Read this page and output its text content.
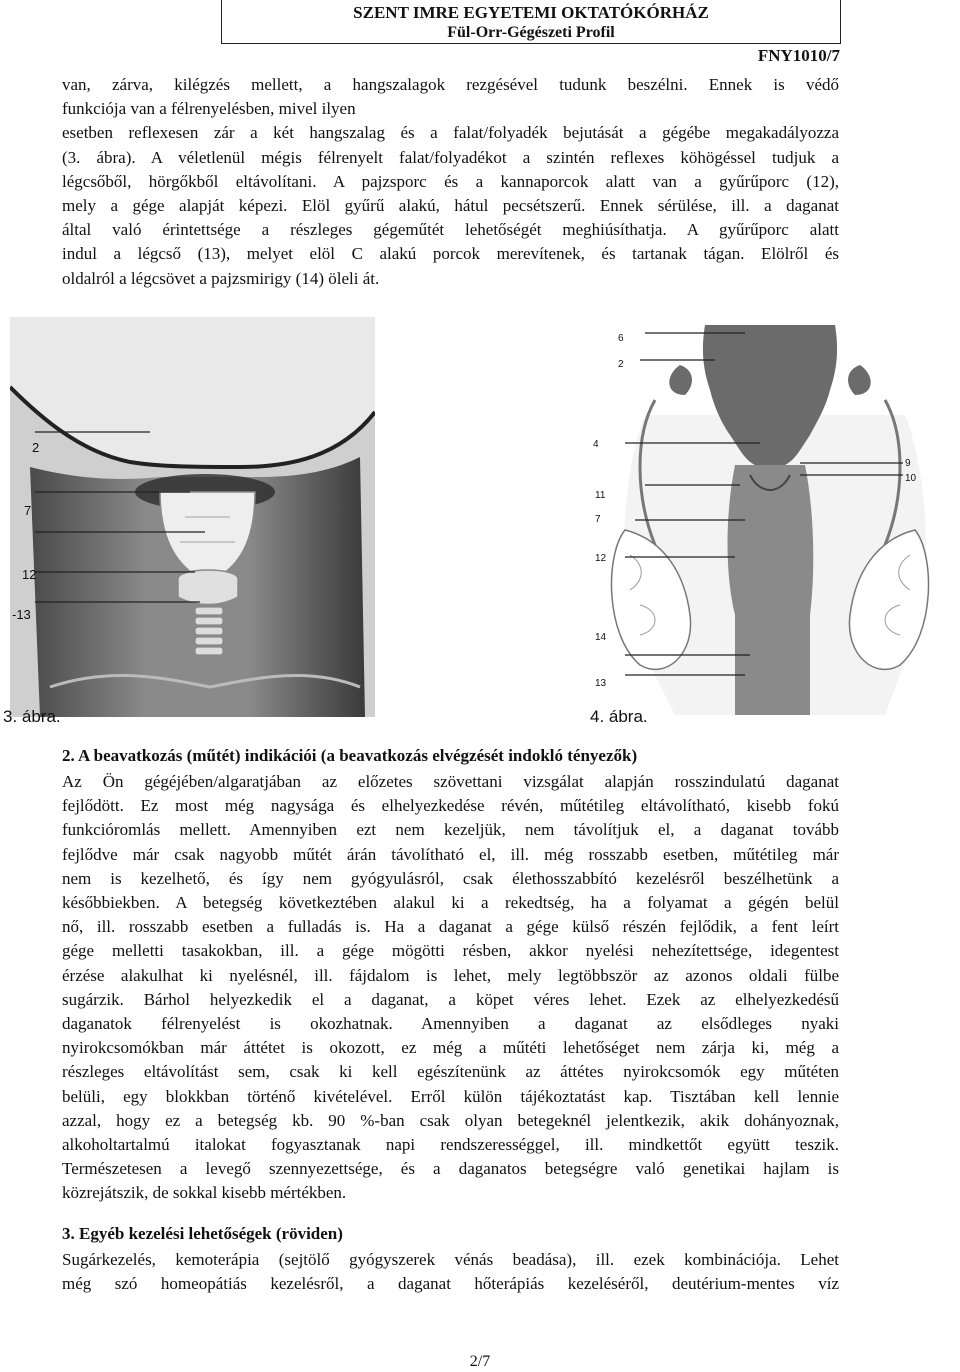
SZENT IMRE EGYETEMI OKTATÓKÓRHÁZ
Fül-Orr-Gégészeti Profil
FNY1010/7

van, zárva, kilégzés mellett, a hangszalagok rezgésével tudunk beszélni. Ennek is védő
funkciója van a félrenyelésben, mivel ilyen
esetben reflexesen zár a két hangszalag és a falat/folyadék bejutását a gégébe megakadályozza
(3. ábra). A véletlenül mégis félrenyelt falat/folyadékot a szintén reflexes köhögéssel tudjuk a
légcsőből, hörgőkből eltávolítani. A pajzsporc és a kannaporcok alatt van a gyűrűporc (12),
mely a gége alapját képezi. Elöl gyűrű alakú, hátul pecsétszerű. Ennek sérülése, ill. a daganat
által való érintettsége a részleges gégeműtét lehetőségét meghiúsíthatja. A gyűrűporc alatt
indul a légcső (13), melyet elöl C alakú porcok merevítenek, és tartanak tágan. Elölről és
oldalról a légcsövet a pajzsmirigy (14) öleli át.

2
7
12
-13
3. ábra.
6
2
4
9
10
11
7
12
14
13
4. ábra.

2. A beavatkozás (műtét) indikációi (a beavatkozás elvégzését indokló tényezők)

Az Ön gégéjében/algaratjában az előzetes szövettani vizsgálat alapján rosszindulatú daganat
fejlődött. Ez most még nagysága és elhelyezkedése révén, műtétileg eltávolítható, kisebb fokú
funkcióromlás mellett. Amennyiben ezt nem kezeljük, nem távolítjuk el, a daganat tovább
fejlődve már csak nagyobb műtét árán távolítható el, ill. még rosszabb esetben, műtétileg már
nem is kezelhető, és így nem gyógyulásról, csak élethosszabbító kezelésről beszélhetünk a
későbbiekben. A betegség következtében alakul ki a rekedtség, ha a folyamat a gégén belül
nő, ill. rosszabb esetben a fulladás is. Ha a daganat a gége külső részén fejlődik, a fent leírt
gége melletti tasakokban, ill. a gége mögötti résben, akkor nyelési nehezítettsége, idegentest
érzése alakulhat ki nyelésnél, ill. fájdalom is lehet, mely legtöbbször az azonos oldali fülbe
sugárzik. Bárhol helyezkedik el a daganat, a köpet véres lehet. Ezek az elhelyezkedésű
daganatok félrenyelést is okozhatnak. Amennyiben a daganat az elsődleges nyaki
nyirokcsomókban már áttétet is okozott, ez még a műtéti lehetőséget nem zárja ki, még a
részleges eltávolítást sem, csak ki kell egészítenünk az áttétes nyirokcsomók egy műtéten
belüli, egy blokkban történő kivételével. Erről külön tájékoztatást kap. Tisztában kell lennie
azzal, hogy ez a betegség kb. 90 %-ban csak olyan betegeknél jelentkezik, akik dohányoznak,
alkoholtartalmú italokat fogyasztanak napi rendszerességgel, ill. mindkettőt együtt teszik.
Természetesen a levegő szennyezettsége, és a daganatos betegségre való genetikai hajlam is
közrejátszik, de sokkal kisebb mértékben.

3. Egyéb kezelési lehetőségek (röviden)

Sugárkezelés, kemoterápia (sejtölő gyógyszerek vénás beadása), ill. ezek kombinációja. Lehet
még szó homeopátiás kezelésről, a daganat hőterápiás kezeléséről, deutérium-mentes víz

2/7
